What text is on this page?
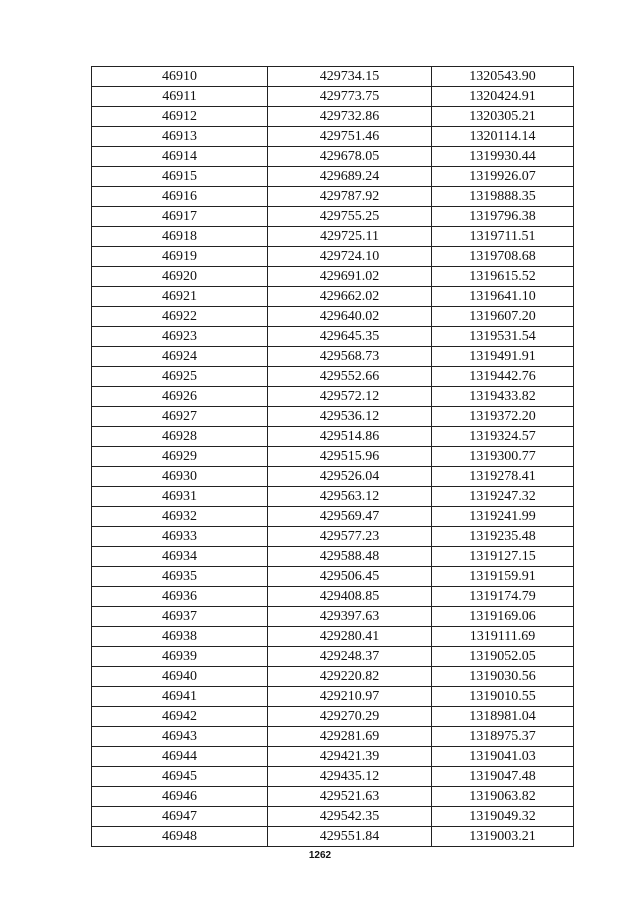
46910	429734.15	1320543.90
46911	429773.75	1320424.91
46912	429732.86	1320305.21
46913	429751.46	1320114.14
46914	429678.05	1319930.44
46915	429689.24	1319926.07
46916	429787.92	1319888.35
46917	429755.25	1319796.38
46918	429725.11	1319711.51
46919	429724.10	1319708.68
46920	429691.02	1319615.52
46921	429662.02	1319641.10
46922	429640.02	1319607.20
46923	429645.35	1319531.54
46924	429568.73	1319491.91
46925	429552.66	1319442.76
46926	429572.12	1319433.82
46927	429536.12	1319372.20
46928	429514.86	1319324.57
46929	429515.96	1319300.77
46930	429526.04	1319278.41
46931	429563.12	1319247.32
46932	429569.47	1319241.99
46933	429577.23	1319235.48
46934	429588.48	1319127.15
46935	429506.45	1319159.91
46936	429408.85	1319174.79
46937	429397.63	1319169.06
46938	429280.41	1319111.69
46939	429248.37	1319052.05
46940	429220.82	1319030.56
46941	429210.97	1319010.55
46942	429270.29	1318981.04
46943	429281.69	1318975.37
46944	429421.39	1319041.03
46945	429435.12	1319047.48
46946	429521.63	1319063.82
46947	429542.35	1319049.32
46948	429551.84	1319003.21
1262
